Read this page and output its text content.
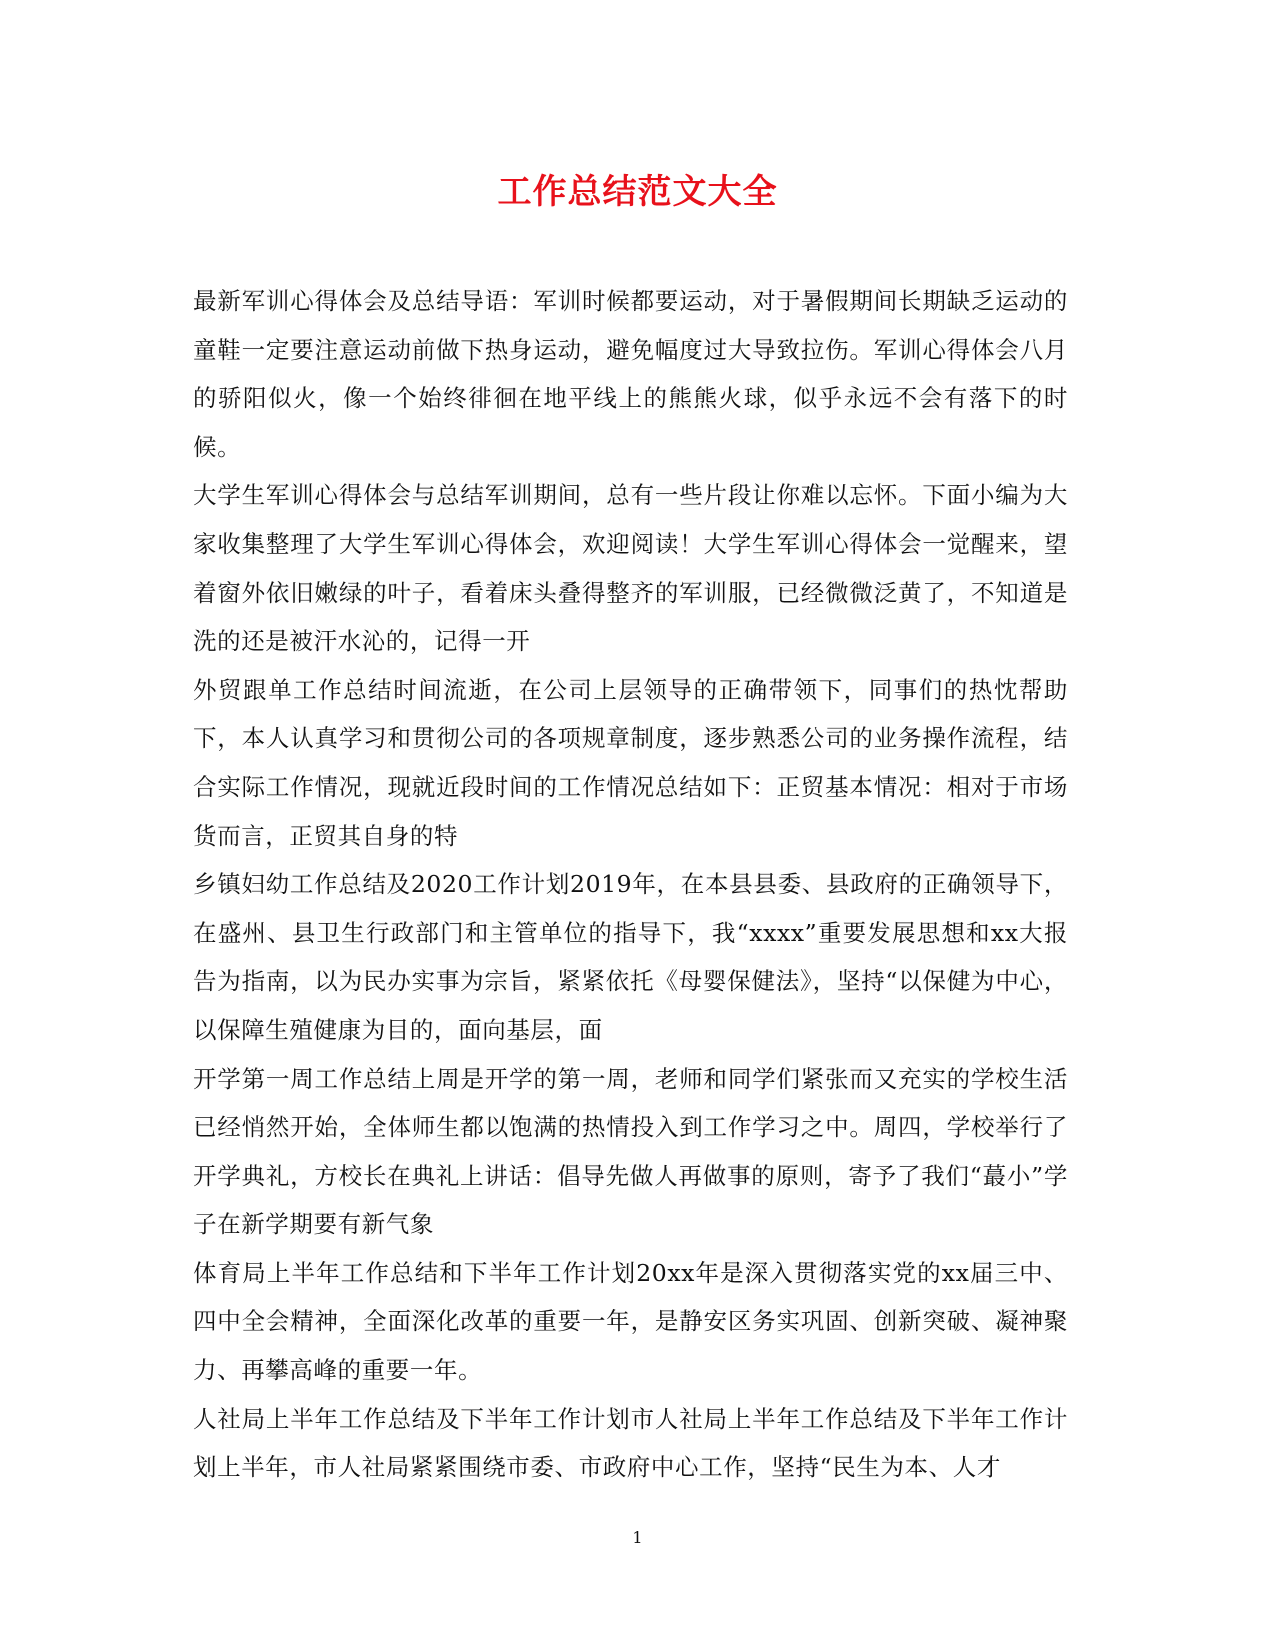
工作总结范文大全

最新军训心得体会及总结导语：军训时候都要运动，对于暑假期间长期缺乏运动的童鞋一定要注意运动前做下热身运动，避免幅度过大导致拉伤。军训心得体会八月的骄阳似火，像一个始终徘徊在地平线上的熊熊火球，似乎永远不会有落下的时候。

大学生军训心得体会与总结军训期间，总有一些片段让你难以忘怀。下面小编为大家收集整理了大学生军训心得体会，欢迎阅读！大学生军训心得体会一觉醒来，望着窗外依旧嫩绿的叶子，看着床头叠得整齐的军训服，已经微微泛黄了，不知道是洗的还是被汗水沁的，记得一开

外贸跟单工作总结时间流逝，在公司上层领导的正确带领下，同事们的热忱帮助下，本人认真学习和贯彻公司的各项规章制度，逐步熟悉公司的业务操作流程，结合实际工作情况，现就近段时间的工作情况总结如下：正贸基本情况：相对于市场货而言，正贸其自身的特

乡镇妇幼工作总结及2020工作计划2019年，在本县县委、县政府的正确领导下，在盛州、县卫生行政部门和主管单位的指导下，我“xxxx”重要发展思想和xx大报告为指南，以为民办实事为宗旨，紧紧依托《母婴保健法》，坚持“以保健为中心，以保障生殖健康为目的，面向基层，面

开学第一周工作总结上周是开学的第一周，老师和同学们紧张而又充实的学校生活已经悄然开始，全体师生都以饱满的热情投入到工作学习之中。周四，学校举行了开学典礼，方校长在典礼上讲话：倡导先做人再做事的原则，寄予了我们“蕞小”学子在新学期要有新气象

体育局上半年工作总结和下半年工作计划20xx年是深入贯彻落实党的xx届三中、四中全会精神，全面深化改革的重要一年，是静安区务实巩固、创新突破、凝神聚力、再攀高峰的重要一年。

人社局上半年工作总结及下半年工作计划市人社局上半年工作总结及下半年工作计划上半年，市人社局紧紧围绕市委、市政府中心工作，坚持“民生为本、人才

1
